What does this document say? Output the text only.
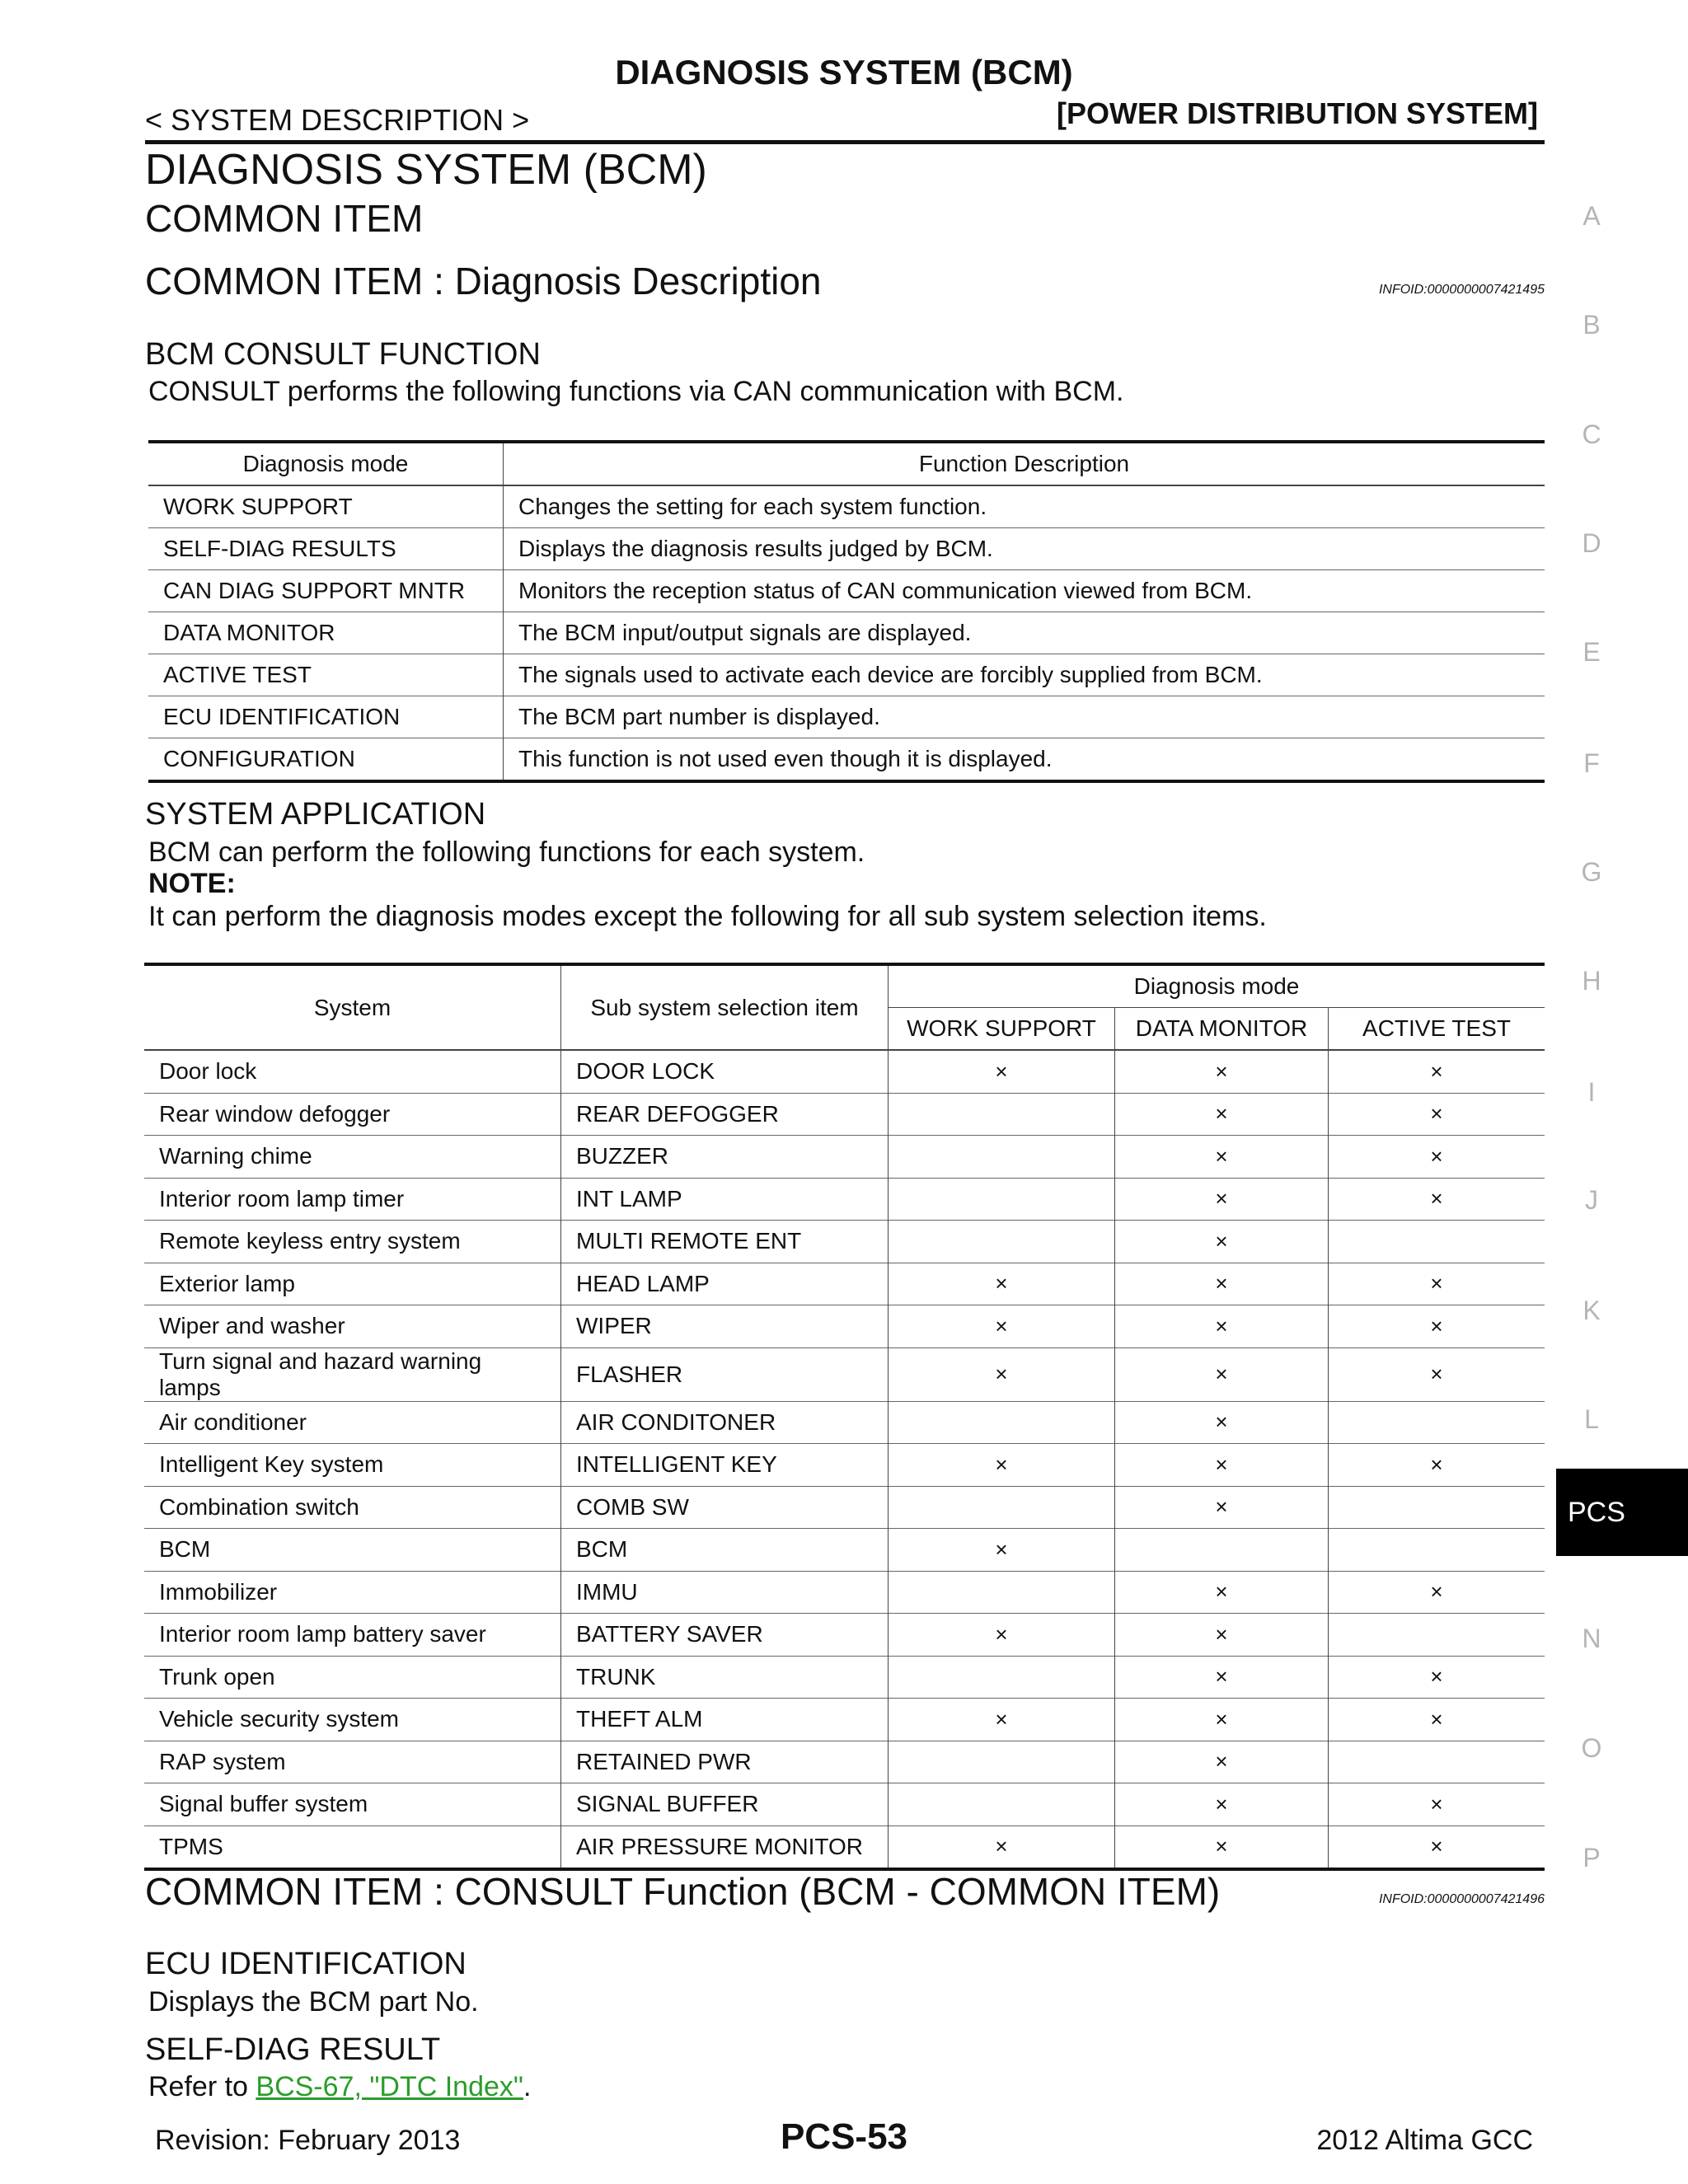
DIAGNOSIS SYSTEM (BCM)
< SYSTEM DESCRIPTION >	[POWER DISTRIBUTION SYSTEM]
DIAGNOSIS SYSTEM (BCM)
COMMON ITEM
COMMON ITEM : Diagnosis Description	INFOID:0000000007421495
BCM CONSULT FUNCTION
CONSULT performs the following functions via CAN communication with BCM.
Diagnosis mode	Function Description
WORK SUPPORT	Changes the setting for each system function.
SELF-DIAG RESULTS	Displays the diagnosis results judged by BCM.
CAN DIAG SUPPORT MNTR	Monitors the reception status of CAN communication viewed from BCM.
DATA MONITOR	The BCM input/output signals are displayed.
ACTIVE TEST	The signals used to activate each device are forcibly supplied from BCM.
ECU IDENTIFICATION	The BCM part number is displayed.
CONFIGURATION	This function is not used even though it is displayed.
SYSTEM APPLICATION
BCM can perform the following functions for each system.
NOTE:
It can perform the diagnosis modes except the following for all sub system selection items.
System	Sub system selection item	Diagnosis mode		
		WORK SUPPORT	DATA MONITOR	ACTIVE TEST
Door lock	DOOR LOCK	×	×	×
Rear window defogger	REAR DEFOGGER		×	×
Warning chime	BUZZER		×	×
Interior room lamp timer	INT LAMP		×	×
Remote keyless entry system	MULTI REMOTE ENT		×	
Exterior lamp	HEAD LAMP	×	×	×
Wiper and washer	WIPER	×	×	×
Turn signal and hazard warning lamps	FLASHER	×	×	×
Air conditioner	AIR CONDITONER		×	
Intelligent Key system	INTELLIGENT KEY	×	×	×
Combination switch	COMB SW		×	
BCM	BCM	×		
Immobilizer	IMMU		×	×
Interior room lamp battery saver	BATTERY SAVER	×	×	
Trunk open	TRUNK		×	×
Vehicle security system	THEFT ALM	×	×	×
RAP system	RETAINED PWR		×	
Signal buffer system	SIGNAL BUFFER		×	×
TPMS	AIR PRESSURE MONITOR	×	×	×
COMMON ITEM : CONSULT Function (BCM - COMMON ITEM)	INFOID:0000000007421496
ECU IDENTIFICATION
Displays the BCM part No.
SELF-DIAG RESULT
Refer to BCS-67, "DTC Index".
A
B
C
D
E
F
G
H
I
J
K
L
N
O
P
PCS
Revision: February 2013	PCS-53	2012 Altima GCC
